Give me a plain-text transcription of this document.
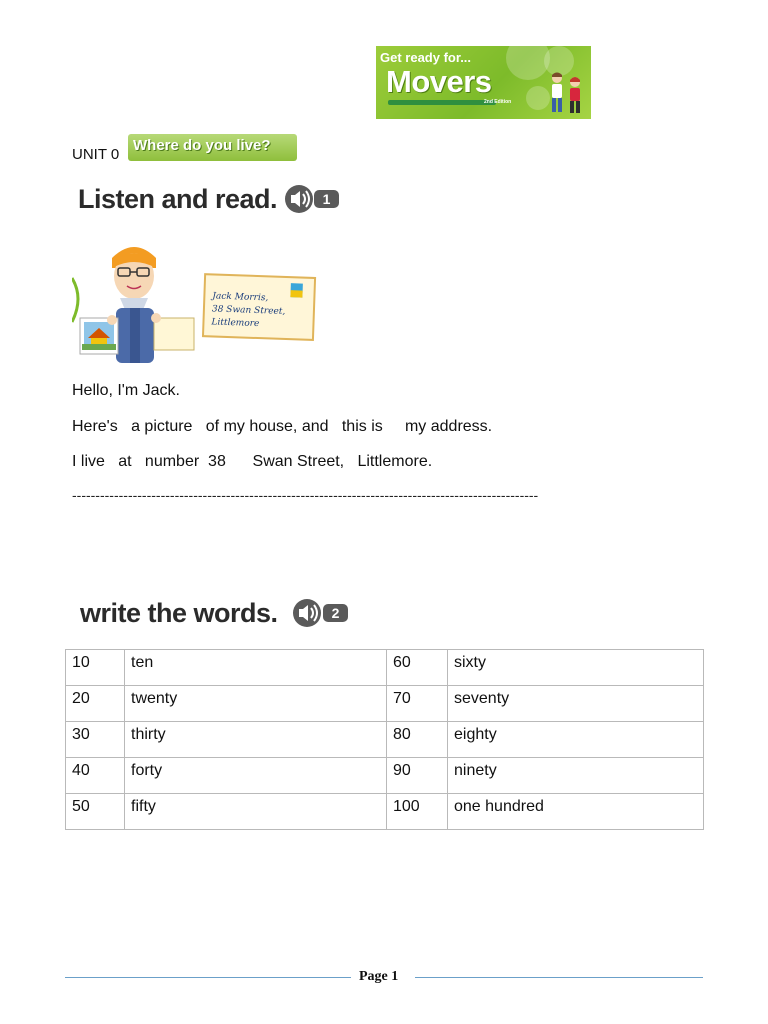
Get ready for...
Movers
2nd Edition
UNIT 0
Where do you live?
Listen and read.	1
Jack Morris,
38 Swan Street,
Littlemore
Hello, I'm Jack.
Here's   a picture   of my house, and   this is     my address.
I live   at   number  38      Swan Street,   Littlemore.
----------------------------------------------------------------------------------------------------
write the words.	2
10	ten	60	sixty
20	twenty	70	seventy
30	thirty	80	eighty
40	forty	90	ninety
50	fifty	100	one hundred
Page 1
